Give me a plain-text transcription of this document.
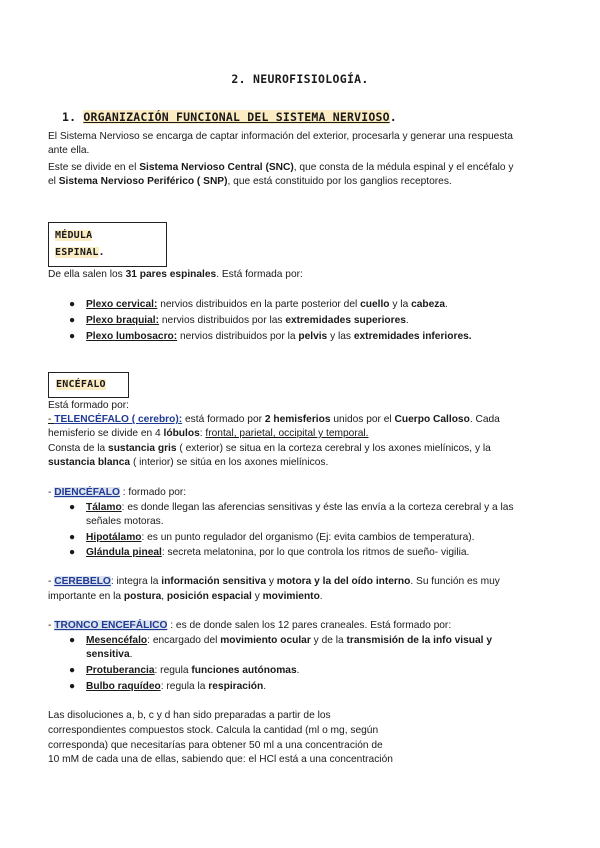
2. NEUROFISIOLOGÍA.
1. ORGANIZACIÓN FUNCIONAL DEL SISTEMA NERVIOSO.
El Sistema Nervioso se encarga de captar información del exterior, procesarla y generar una respuesta
ante ella.
Este se divide en el Sistema Nervioso Central (SNC), que consta de la médula espinal y el encéfalo y
el Sistema Nervioso Periférico ( SNP), que está constituido por los ganglios receptores.
MÉDULA
ESPINAL.
De ella salen los 31 pares espinales. Está formada por:
● Plexo cervical: nervios distribuidos en la parte posterior del cuello y la cabeza.
● Plexo braquial: nervios distribuidos por las extremidades superiores.
● Plexo lumbosacro: nervios distribuidos por la pelvis y las extremidades inferiores.
ENCÉFALO
Está formado por:
- TELENCÉFALO ( cerebro): está formado por 2 hemisferios unidos por el Cuerpo Calloso. Cada
hemisferio se divide en 4 lóbulos: frontal, parietal, occipital y temporal.
Consta de la sustancia gris ( exterior) se situa en la corteza cerebral y los axones mielínicos, y la
sustancia blanca ( interior) se sitúa en los axones mielínicos.
- DIENCÉFALO : formado por:
● Tálamo: es donde llegan las aferencias sensitivas y éste las envía a la corteza cerebral y a las
señales motoras.
● Hipotálamo: es un punto regulador del organismo (Ej: evita cambios de temperatura).
● Glándula pineal: secreta melatonina, por lo que controla los ritmos de sueño- vigilia.
- CEREBELO: integra la información sensitiva y motora y la del oído interno. Su función es muy
importante en la postura, posición espacial y movimiento.
- TRONCO ENCEFÁLICO : es de donde salen los 12 pares craneales. Está formado por:
● Mesencéfalo: encargado del movimiento ocular y de la transmisión de la info visual y
sensitiva.
● Protuberancia: regula funciones autónomas.
● Bulbo raquídeo: regula la respiración.
Las disoluciones a, b, c y d han sido preparadas a partir de los
correspondientes compuestos stock. Calcula la cantidad (ml o mg, según
corresponda) que necesitarías para obtener 50 ml a una concentración de
10 mM de cada una de ellas, sabiendo que: el HCl está a una concentración
